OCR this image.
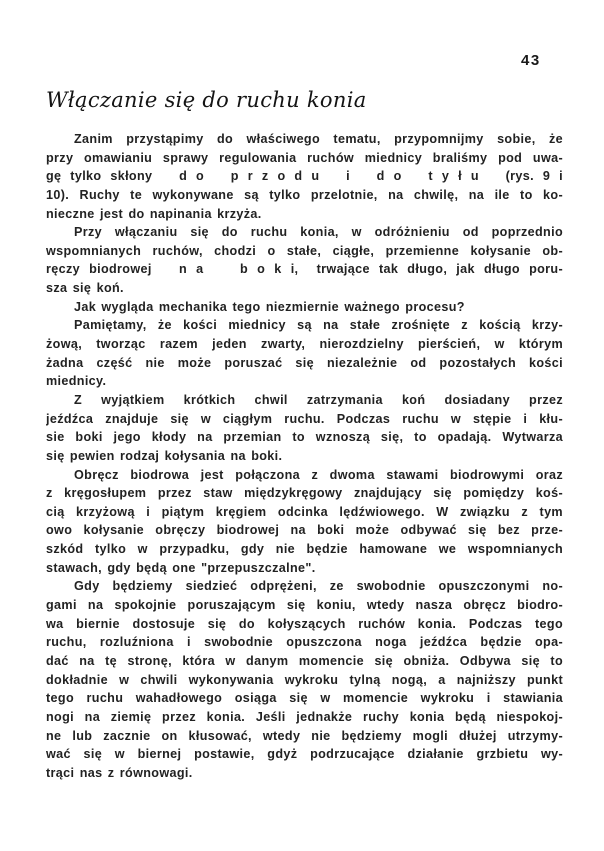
43
Włączanie się do ruchu konia
Zanim przystąpimy do właściwego tematu, przypomnijmy sobie, że
przy omawianiu sprawy regulowania ruchów miednicy braliśmy pod uwa-
gę tylko skłony   d o   p r z o d u   i   d o   t y ł u   (rys. 9 i
10). Ruchy te wykonywane są tylko przelotnie, na chwilę, na ile to ko-
nieczne jest do napinania krzyża.
Przy włączaniu się do ruchu konia, w odróżnieniu od poprzednio
wspomnianych ruchów, chodzi o stałe, ciągłe, przemienne kołysanie ob-
ręczy biodrowej   n a    b o k i,  trwające tak długo, jak długo poru-
sza się koń.
Jak wygląda mechanika tego niezmiernie ważnego procesu?
Pamiętamy, że kości miednicy są na stałe zrośnięte z kością krzy-
żową, tworząc razem jeden zwarty, nierozdzielny pierścień, w którym
żadna część nie może poruszać się niezależnie od pozostałych kości
miednicy.
Z wyjątkiem krótkich chwil zatrzymania koń dosiadany przez
jeźdźca znajduje się w ciągłym ruchu. Podczas ruchu w stępie i kłu-
sie boki jego kłody na przemian to wznoszą się, to opadają. Wytwarza
się pewien rodzaj kołysania na boki.
Obręcz biodrowa jest połączona z dwoma stawami biodrowymi oraz
z kręgosłupem przez staw międzykręgowy znajdujący się pomiędzy koś-
cią krzyżową i piątym kręgiem odcinka lędźwiowego. W związku z tym
owo kołysanie obręczy biodrowej na boki może odbywać się bez prze-
szkód tylko w przypadku, gdy nie będzie hamowane we wspomnianych
stawach, gdy będą one "przepuszczalne".
Gdy będziemy siedzieć odprężeni, ze swobodnie opuszczonymi no-
gami na spokojnie poruszającym się koniu, wtedy nasza obręcz biodro-
wa biernie dostosuje się do kołyszących ruchów konia. Podczas tego
ruchu, rozluźniona i swobodnie opuszczona noga jeźdźca będzie opa-
dać na tę stronę, która w danym momencie się obniża. Odbywa się to
dokładnie w chwili wykonywania wykroku tylną nogą, a najniższy punkt
tego ruchu wahadłowego osiąga się w momencie wykroku i stawiania
nogi na ziemię przez konia. Jeśli jednakże ruchy konia będą niespokoj-
ne lub zacznie on kłusować, wtedy nie będziemy mogli dłużej utrzymy-
wać się w biernej postawie, gdyż podrzucające działanie grzbietu wy-
trąci nas z równowagi.
